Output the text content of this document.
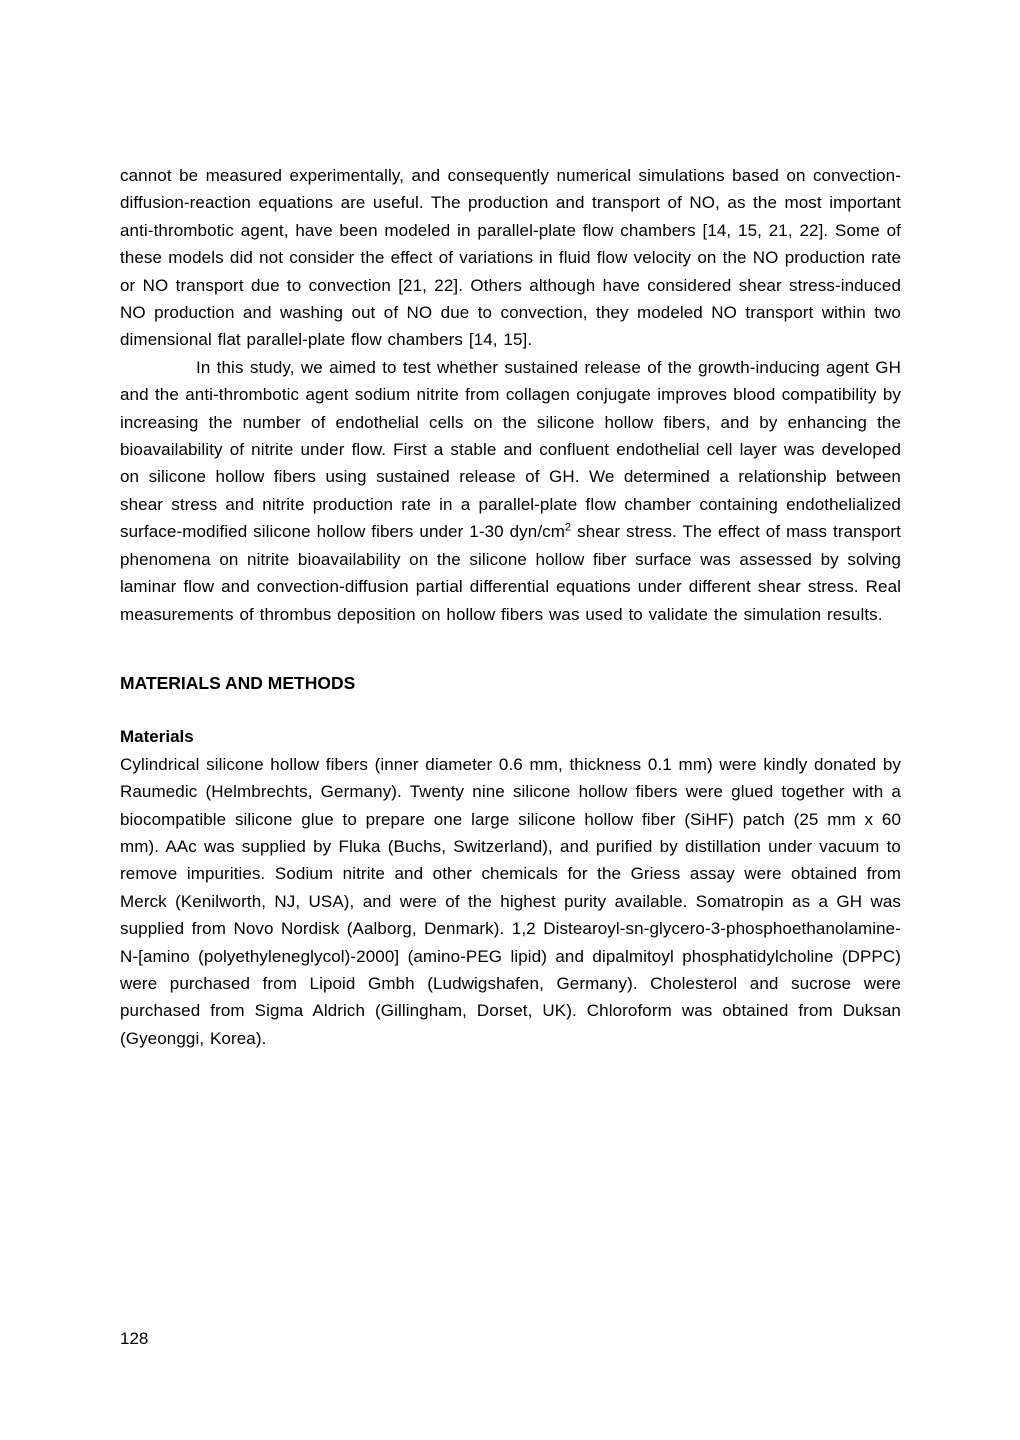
cannot be measured experimentally, and consequently numerical simulations based on convection-diffusion-reaction equations are useful. The production and transport of NO, as the most important anti-thrombotic agent, have been modeled in parallel-plate flow chambers [14, 15, 21, 22]. Some of these models did not consider the effect of variations in fluid flow velocity on the NO production rate or NO transport due to convection [21, 22]. Others although have considered shear stress-induced NO production and washing out of NO due to convection, they modeled NO transport within two dimensional flat parallel-plate flow chambers [14, 15].

In this study, we aimed to test whether sustained release of the growth-inducing agent GH and the anti-thrombotic agent sodium nitrite from collagen conjugate improves blood compatibility by increasing the number of endothelial cells on the silicone hollow fibers, and by enhancing the bioavailability of nitrite under flow. First a stable and confluent endothelial cell layer was developed on silicone hollow fibers using sustained release of GH. We determined a relationship between shear stress and nitrite production rate in a parallel-plate flow chamber containing endothelialized surface-modified silicone hollow fibers under 1-30 dyn/$cm^2$ shear stress. The effect of mass transport phenomena on nitrite bioavailability on the silicone hollow fiber surface was assessed by solving laminar flow and convection-diffusion partial differential equations under different shear stress. Real measurements of thrombus deposition on hollow fibers was used to validate the simulation results.

MATERIALS AND METHODS
Materials

Cylindrical silicone hollow fibers (inner diameter 0.6 mm, thickness 0.1 mm) were kindly donated by Raumedic (Helmbrechts, Germany). Twenty nine silicone hollow fibers were glued together with a biocompatible silicone glue to prepare one large silicone hollow fiber (SiHF) patch (25 mm x 60 mm). AAc was supplied by Fluka (Buchs, Switzerland), and purified by distillation under vacuum to remove impurities. Sodium nitrite and other chemicals for the Griess assay were obtained from Merck (Kenilworth, NJ, USA), and were of the highest purity available. Somatropin as a GH was supplied from Novo Nordisk (Aalborg, Denmark). 1,2 Distearoyl-sn-glycero-3-phosphoethanolamine-N-[amino (polyethyleneglycol)-2000] (amino-PEG lipid) and dipalmitoyl phosphatidylcholine (DPPC) were purchased from Lipoid Gmbh (Ludwigshafen, Germany). Cholesterol and sucrose were purchased from Sigma Aldrich (Gillingham, Dorset, UK). Chloroform was obtained from Duksan (Gyeonggi, Korea).

128
